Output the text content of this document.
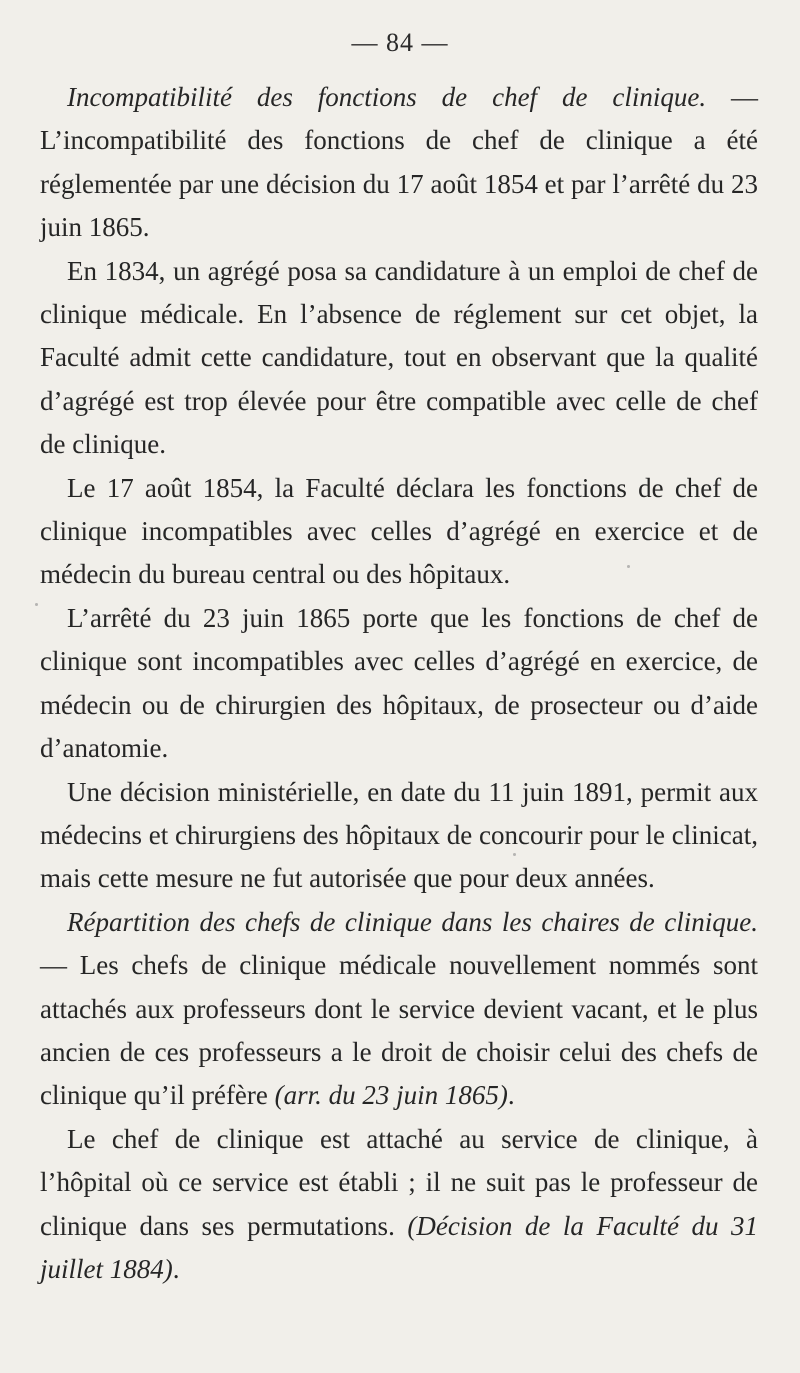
— 84 —

Incompatibilité des fonctions de chef de clinique. — L’incompatibilité des fonctions de chef de clinique a été réglementée par une décision du 17 août 1854 et par l’arrêté du 23 juin 1865.

En 1834, un agrégé posa sa candidature à un emploi de chef de clinique médicale. En l’absence de réglement sur cet objet, la Faculté admit cette candidature, tout en observant que la qualité d’agrégé est trop élevée pour être compatible avec celle de chef de clinique.

Le 17 août 1854, la Faculté déclara les fonctions de chef de clinique incompatibles avec celles d’agrégé en exercice et de médecin du bureau central ou des hôpitaux.

L’arrêté du 23 juin 1865 porte que les fonctions de chef de clinique sont incompatibles avec celles d’agrégé en exercice, de médecin ou de chirurgien des hôpitaux, de prosecteur ou d’aide d’anatomie.

Une décision ministérielle, en date du 11 juin 1891, permit aux médecins et chirurgiens des hôpitaux de concourir pour le clinicat, mais cette mesure ne fut autorisée que pour deux années.

Répartition des chefs de clinique dans les chaires de clinique. — Les chefs de clinique médicale nouvellement nommés sont attachés aux professeurs dont le service devient vacant, et le plus ancien de ces professeurs a le droit de choisir celui des chefs de clinique qu’il préfère (arr. du 23 juin 1865).

Le chef de clinique est attaché au service de clinique, à l’hôpital où ce service est établi ; il ne suit pas le professeur de clinique dans ses permutations. (Décision de la Faculté du 31 juillet 1884).
